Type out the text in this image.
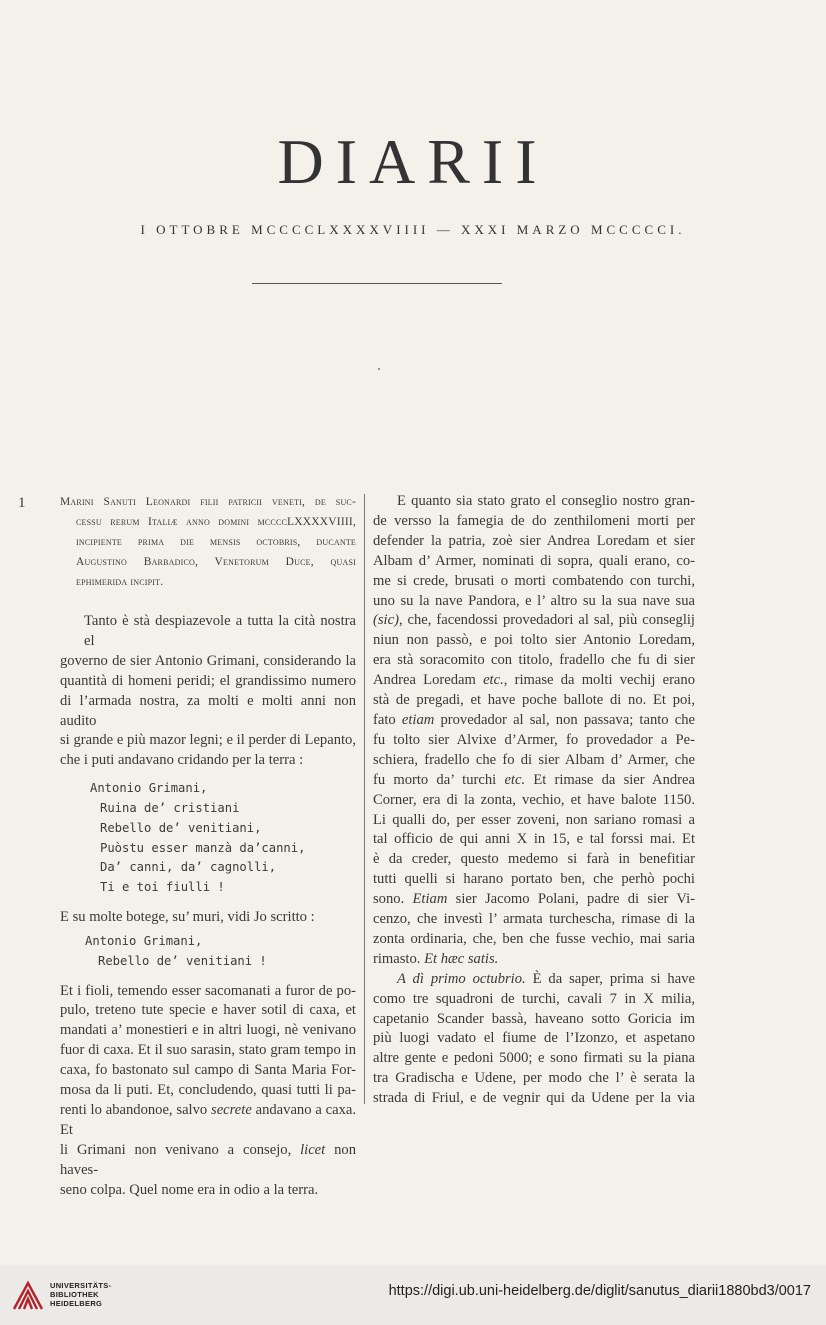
DIARII
I OTTOBRE MCCCCLXXXXVIIII — XXXI MARZO MCCCCCI.
1	Marini Sanuti Leonardi filii patricii veneti, de suc-
cessu rerum Italiæ anno domini mccccLXXXXVIIII,
incipiente prima die mensis octobris, ducante
Augustino Barbadico, Venetorum Duce, quasi
ephimerida incipit.
Tanto è stà despiazevole a tutta la cità nostra el
governo de sier Antonio Grimani, considerando la
quantità di homeni peridi; el grandissimo numero
di l’armada nostra, za molti e molti anni non audito
si grande e più mazor legni; e il perder di Lepanto,
che i puti andavano cridando per la terra :
Antonio Grimani,
Ruina de’ cristiani
Rebello de’ venitiani,
Puòstu esser manzà da’canni,
Da’ canni, da’ cagnolli,
Ti e toi fiulli !

E su molte botege, su’ muri, vidi Jo scritto :

Antonio Grimani,
Rebello de’ venitiani !
Et i fioli, temendo esser sacomanati a furor de po-
pulo, treteno tute specie e haver sotil di caxa, et
mandati a’ monestieri e in altri luogi, nè venivano
fuor di caxa. Et il suo sarasin, stato gram tempo in
caxa, fo bastonato sul campo di Santa Maria For-
mosa da li puti. Et, concludendo, quasi tutti li pa-
renti lo abandonoe, salvo secrete andavano a caxa. Et
li Grimani non venivano a consejo, licet non haves-
seno colpa. Quel nome era in odio a la terra.
E quanto sia stato grato el conseglio nostro gran-
de versso la famegia de do zenthilomeni morti per
defender la patria, zoè sier Andrea Loredam et sier
Albam d’ Armer, nominati di sopra, quali erano, co-
me si crede, brusati o morti combatendo con turchi,
uno su la nave Pandora, e l’ altro su la sua nave sua
(sic), che, facendossi provedadori al sal, più conseglij
niun non passò, e poi tolto sier Antonio Loredam,
era stà soracomito con titolo, fradello che fu di sier
Andrea Loredam etc., rimase da molti vechij erano
stà de pregadi, et have poche ballote di no. Et poi,
fato etiam provedador al sal, non passava; tanto che
fu tolto sier Alvixe d’Armer, fo provedador a Pe-
schiera, fradello che fo di sier Albam d’ Armer, che
fu morto da’ turchi etc. Et rimase da sier Andrea
Corner, era di la zonta, vechio, et have balote 1150.
Li qualli do, per esser zoveni, non sariano romasi a
tal officio de qui anni X in 15, e tal forssi mai. Et
è da creder, questo medemo si farà in benefitiar
tutti quelli si harano portato ben, che perhò pochi
sono. Etiam sier Jacomo Polani, padre di sier Vi-
cenzo, che investì l’ armata turchescha, rimase di la
zonta ordinaria, che, ben che fusse vechio, mai saria
rimasto. Et hæc satis.
A dì primo octubrio. È da saper, prima si have
como tre squadroni de turchi, cavali 7 in X milia,
capetanio Scander bassà, haveano sotto Goricia im
più luogi vadato el fiume de l’Izonzo, et aspetano
altre gente e pedoni 5000; e sono firmati su la piana
tra Gradischa e Udene, per modo che l’ è serata la
strada di Friul, e de vegnir qui da Udene per la via
UNIVERSITÄTS-
BIBLIOTHEK
HEIDELBERG
https://digi.ub.uni-heidelberg.de/diglit/sanutus_diarii1880bd3/0017
